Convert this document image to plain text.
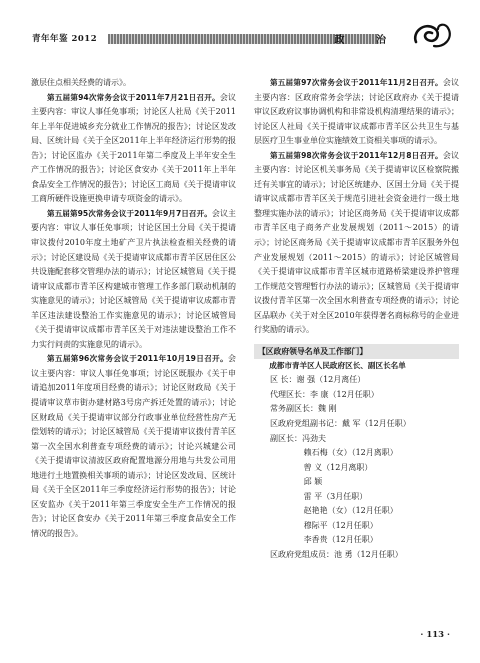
青年年鉴 2012	政 治

激层住点相关经费的请示》。

第五届第94次常务会议于2011年7月21日召开。会议主要内容：审议人事任免事项；讨论区人社局《关于2011年上半年促进城乡充分就业工作情况的报告》；讨论区发改局、区统计局《关于全区2011年上半年经济运行形势的报告》；讨论区监办《关于2011年第二季度及上半年安全生产工作情况的报告》；讨论区食安办《关于2011年上半年食品安全工作情况的报告》；讨论区工商局《关于提请审议工商所硬件设施更换申请专项资金的请示》。

第五届第95次常务会议于2011年9月7日召开。会议主要内容：审议人事任免事项；讨论区国土分局《关于提请审议拨付2010年度土地矿产卫片执法检查相关经费的请示》；讨论区建设局《关于提请审议成都市青羊区居住区公共设施配套移交管理办法的请示》；讨论区城管局《关于提请审议成都市青羊区构建城市管理工作多部门联动机制的实施意见的请示》；讨论区城管局《关于提请审议成都市青羊区违法建设整治工作实施意见的请示》；讨论区城管局《关于提请审议成都市青羊区关于对违法建设整治工作不力实行问责的实施意见的请示》。

第五届第96次常务会议于2011年10月19日召开。会议主要内容：审议人事任免事项；讨论区既服办《关于申请追加2011年度项目经费的请示》；讨论区财政局《关于提请审议草市街办建材路3号房产拆迁处置的请示》；讨论区财政局《关于提请审议部分行政事业单位经营性房产无偿划转的请示》；讨论区城管局《关于提请审议拨付青羊区第一次全国水利普查专项经费的请示》；讨论兴城建公司《关于提请审议清波区政府配置地源分用地与共发公司用地进行土地置换相关事项的请示》；讨论区发改局、区统计局《关于全区2011年三季度经济运行形势的报告》；讨论区安监办《关于2011年第三季度安全生产工作情况的报告》；讨论区食安办《关于2011年第三季度食品安全工作情况的报告》。

第五届第97次常务会议于2011年11月2日召开。会议主要内容：区政府常务会学法；讨论区政府办《关于提请审议区政府议事协调机构和非常设机构清理结果的请示》；讨论区人社局《关于提请审议成都市青羊区公共卫生与基层医疗卫生事业单位实施绩效工资相关事项的请示》。

第五届第98次常务会议于2011年12月8日召开。会议主要内容：讨论区机关事务局《关于提请审议区检察院搬迁有关事宜的请示》；讨论区统建办、区国土分局《关于提请审议成都市青羊区关于规范引进社会资金进行一级土地整理实施办法的请示》；讨论区商务局《关于提请审议成都市青羊区电子商务产业发展规划（2011～2015）的请示》；讨论区商务局《关于提请审议成都市青羊区服务外包产业发展规划（2011～2015）的请示》；讨论区城管局《关于提请审议成都市青羊区城市道路桥梁建设养护管理工作规范交管理暂行办法的请示》；区城管局《关于提请审议拨付青羊区第一次全国水利普查专项经费的请示》；讨论区品联办《关于对全区2010年获得著名商标称号的企业进行奖励的请示》。

【区政府领导名单及工作部门】
成都市青羊区人民政府区长、副区长名单

区 长：谢 强（12月离任）

代理区长：李 康（12月任职）

常务副区长：魏 刚

区政府党组副书记：戴 军（12月任职）

副区长：冯劲夫

赖石梅（女）（12月离职）

曾 义（12月离职）

邱 颖

雷 平（3月任职）

赵艳艳（女）（12月任职）

穆际平（12月任职）

李香贵（12月任职）

区政府党组成员：池 勇（12月任职）

· 113 ·
